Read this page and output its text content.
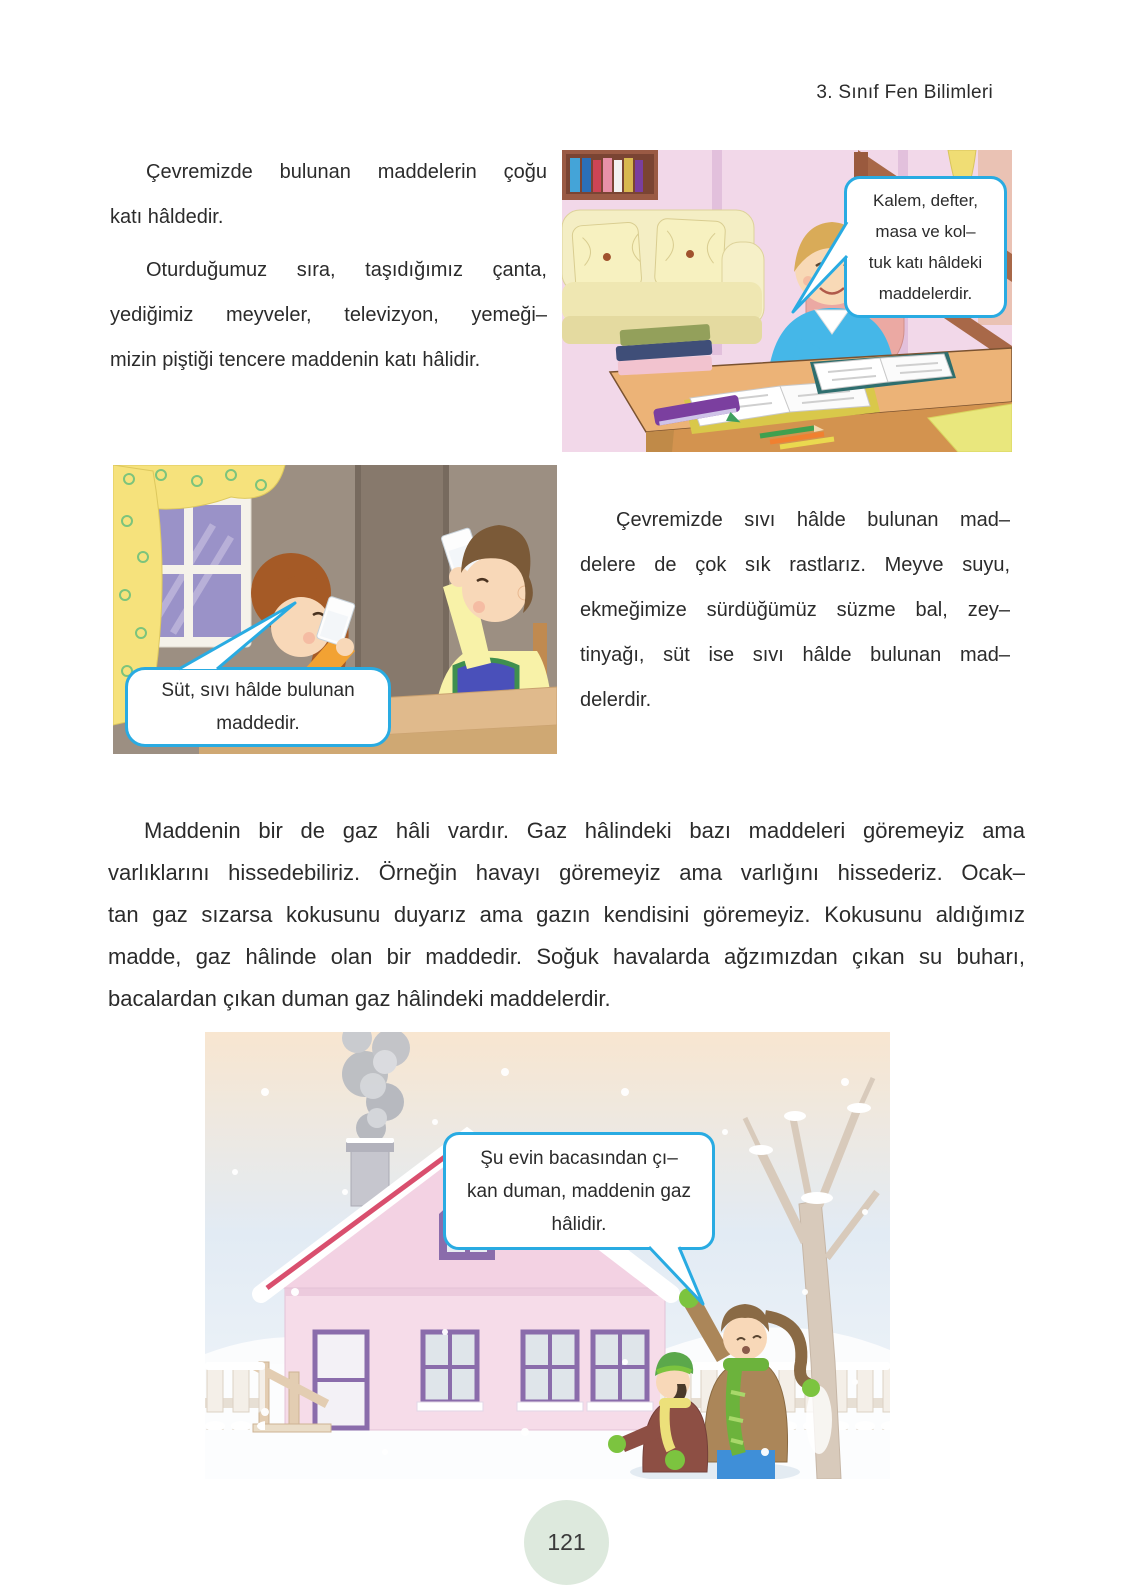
3. Sınıf Fen Bilimleri
Çevremizde bulunan maddelerin çoğu
katı hâldedir.
Oturduğumuz sıra, taşıdığımız çanta,
yediğimiz meyveler, televizyon, yemeği–
mizin piştiği tencere maddenin katı hâlidir.
Kalem, defter,
masa ve kol–
tuk katı hâldeki
maddelerdir.
Süt, sıvı hâlde bulunan
maddedir.
Çevremizde sıvı hâlde bulunan mad–
delere de çok sık rastlarız. Meyve suyu,
ekmeğimize sürdüğümüz süzme bal, zey–
tinyağı, süt ise sıvı hâlde bulunan mad–
delerdir.
Maddenin bir de gaz hâli vardır. Gaz hâlindeki bazı maddeleri göremeyiz ama
varlıklarını hissedebiliriz. Örneğin havayı göremeyiz ama varlığını hissederiz. Ocak–
tan gaz sızarsa kokusunu duyarız ama gazın kendisini göremeyiz. Kokusunu aldığımız
madde, gaz hâlinde olan bir maddedir. Soğuk havalarda ağzımızdan çıkan su buharı,
bacalardan çıkan duman gaz hâlindeki maddelerdir.
Şu evin bacasından çı–
kan duman, maddenin gaz
hâlidir.
121
